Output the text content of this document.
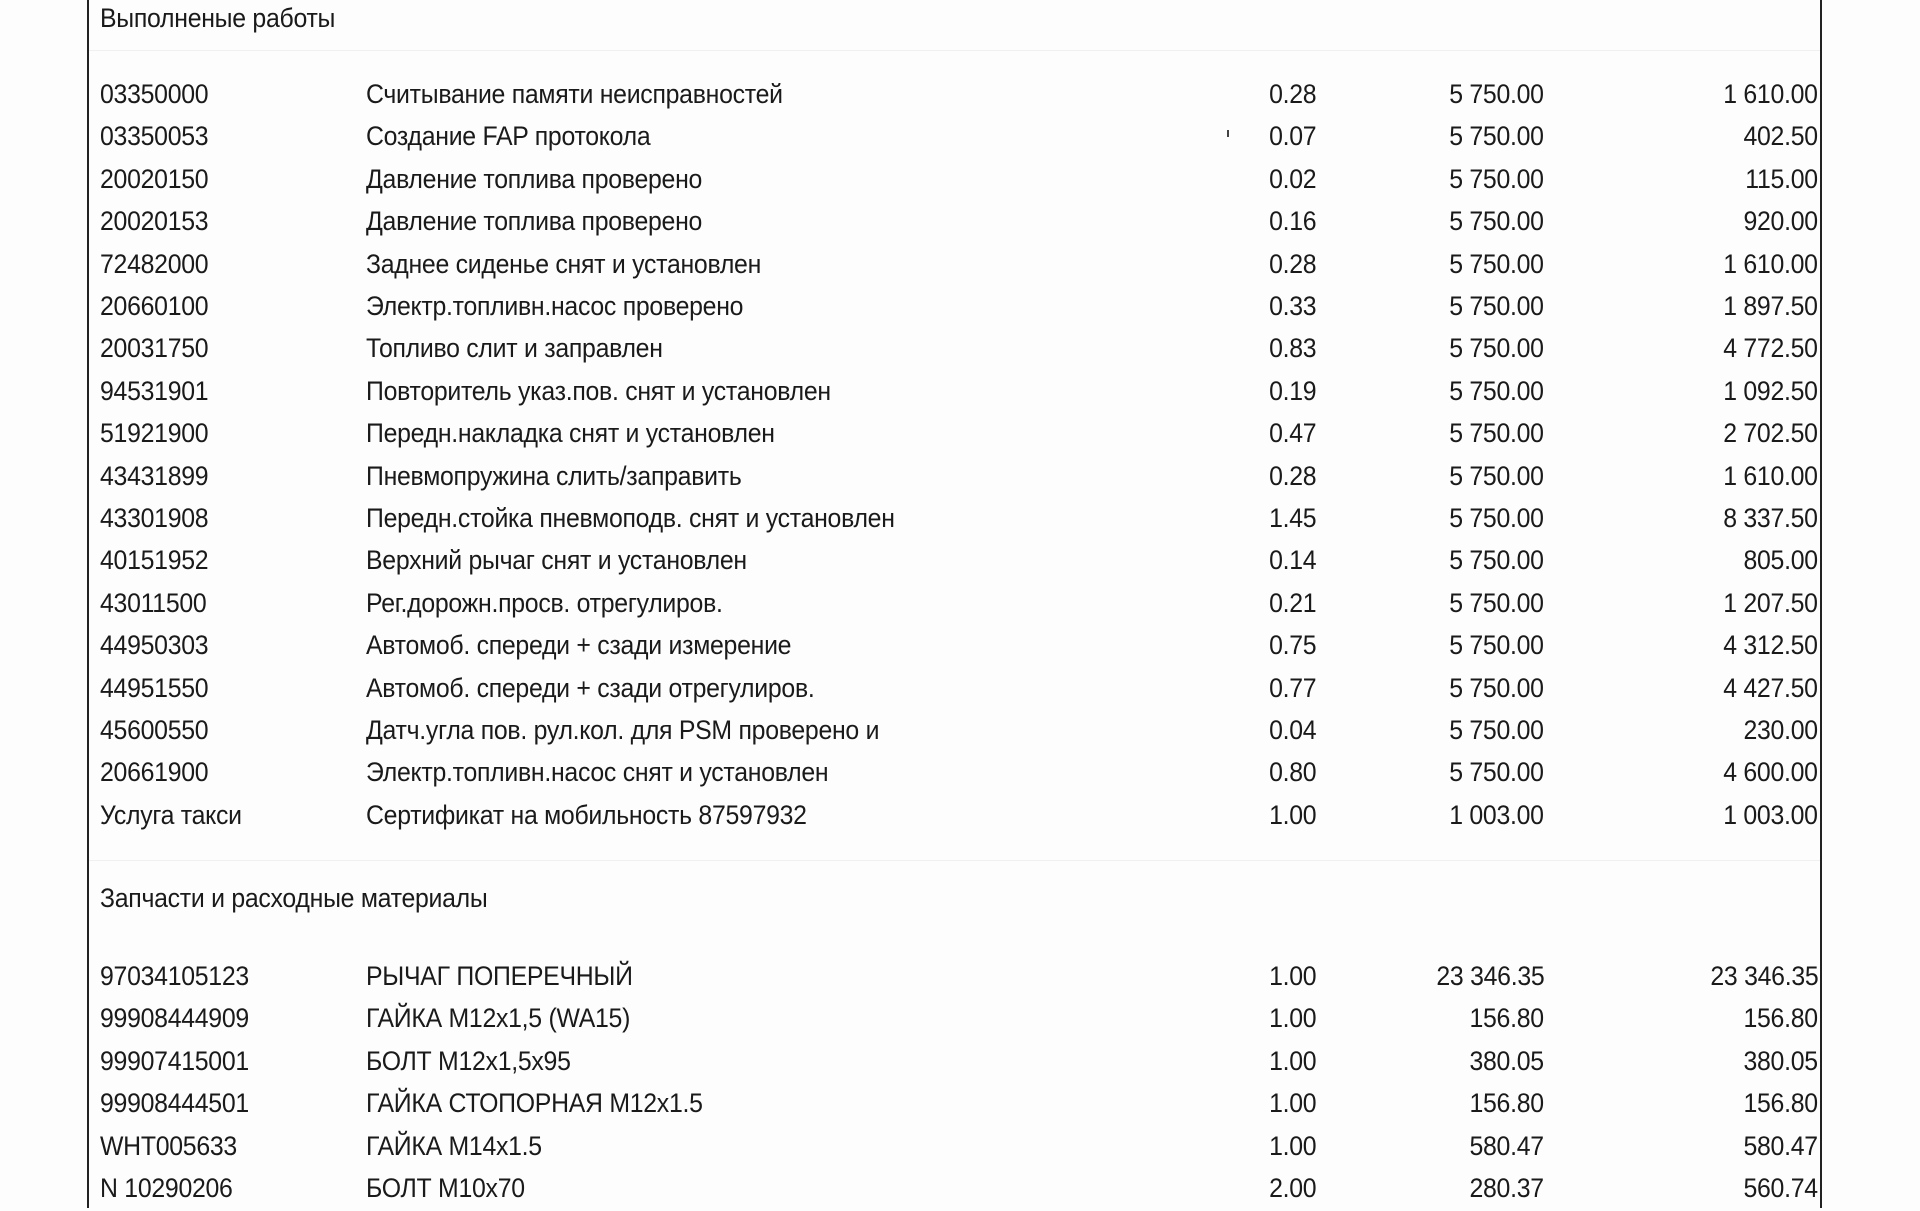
Выполненые работы
03350000	Считывание памяти неисправностей	0.28	5 750.00	1 610.00
03350053	Создание FAP протокола	0.07	5 750.00	402.50
20020150	Давление топлива проверено	0.02	5 750.00	115.00
20020153	Давление топлива проверено	0.16	5 750.00	920.00
72482000	Заднее сиденье снят и установлен	0.28	5 750.00	1 610.00
20660100	Электр.топливн.насос проверено	0.33	5 750.00	1 897.50
20031750	Топливо слит и заправлен	0.83	5 750.00	4 772.50
94531901	Повторитель указ.пов. снят и установлен	0.19	5 750.00	1 092.50
51921900	Передн.накладка снят и установлен	0.47	5 750.00	2 702.50
43431899	Пневмопружина слить/заправить	0.28	5 750.00	1 610.00
43301908	Передн.стойка пневмоподв. снят и установлен	1.45	5 750.00	8 337.50
40151952	Верхний рычаг снят и установлен	0.14	5 750.00	805.00
43011500	Рег.дорожн.просв. отрегулиров.	0.21	5 750.00	1 207.50
44950303	Автомоб. спереди + сзади измерение	0.75	5 750.00	4 312.50
44951550	Автомоб. спереди + сзади отрегулиров.	0.77	5 750.00	4 427.50
45600550	Датч.угла пов. рул.кол. для PSM проверено и	0.04	5 750.00	230.00
20661900	Электр.топливн.насос снят и установлен	0.80	5 750.00	4 600.00
Услуга такси	Сертификат на мобильность 87597932	1.00	1 003.00	1 003.00
Запчасти и расходные материалы
97034105123	РЫЧАГ ПОПЕРЕЧНЫЙ	1.00	23 346.35	23 346.35
99908444909	ГАЙКА M12x1,5 (WA15)	1.00	156.80	156.80
99907415001	БОЛТ M12x1,5x95	1.00	380.05	380.05
99908444501	ГАЙКА СТОПОРНАЯ M12x1.5	1.00	156.80	156.80
WHT005633	ГАЙКА M14x1.5	1.00	580.47	580.47
N 10290206	БОЛТ M10x70	2.00	280.37	560.74
